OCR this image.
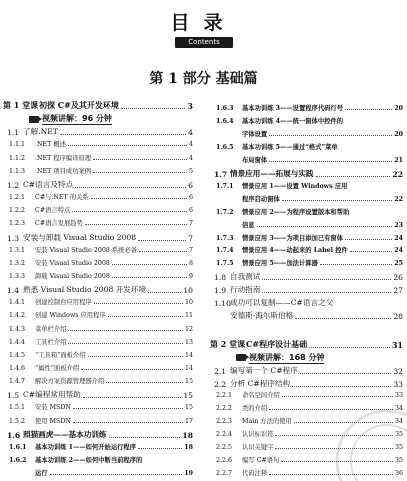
目录
Contents
第 1 部分 基础篇
第 1 堂课 初探 C#及其开发环境	3
视频讲解：96 分钟
1.1 了解.NET	4
1.1.1	.NET 概述	4
1.1.2	.NET 程序编译原理	4
1.1.3	.NET 项目成功案例	5
1.2 C#语言及特点	6
1.2.1	C#与.NET 的关系	6
1.2.2	C#语言特点	6
1.2.3	C#语言发展趋势	7
1.3 安装与卸载 Visual Studio 2008	7
1.3.1	安装 Visual Studio 2008 系统必备	7
1.3.2	安装 Visual Studio 2008	8
1.3.3	卸载 Visual Studio 2008	9
1.4 熟悉 Visual Studio 2008 开发环境	10
1.4.1	创建控制台应用程序	10
1.4.2	创建 Windows 应用程序	11
1.4.3	菜单栏介绍	12
1.4.4	工具栏介绍	13
1.4.5	“工具箱”面板介绍	14
1.4.6	“属性”面板介绍	14
1.4.7	解决方案资源管理器介绍	15
1.5 C#编程常用帮助	15
1.5.1	安装 MSDN	15
1.5.2	使用 MSDN	17
1.6 照猫画虎——基本功训练	18
1.6.1	基本功训练 1——如何开始运行程序	18
1.6.2	基本功训练 2——如何中断当前程序的
运行	19
1.6.3	基本功训练 3——设置程序代码行号	20
1.6.4	基本功训练 4——统一窗体中控件的
字体设置	20
1.6.5	基本功训练 5——通过“格式”菜单
布局窗体	21
1.7 情景应用——拓展与实践	22
1.7.1	情景应用 1——设置 Windows 应用
程序启动窗体	22
1.7.2	情景应用 2——为程序设置版本和帮助
信息	23
1.7.3	情景应用 3——为项目添加已有窗体	24
1.7.4	情景应用 4——动起来的 Label 控件	24
1.7.5	情景应用 5——加法计算器	25
1.8 自我测试	26
1.9 行动指南	27
1.10 成功可以复制——C#语言之父
安德斯·海尔斯伯格	28
第 2 堂课 C#程序设计基础	31
视频讲解：168 分钟
2.1 编写第一个 C#程序	32
2.2 分析 C#程序结构	33
2.2.1	命名空间介绍	33
2.2.2	类的介绍	34
2.2.3	Main 方法的使用	34
2.2.4	认识标识符	35
2.2.5	认识关键字	35
2.2.6	编写 C#语句	35
2.2.7	代码注释	36
